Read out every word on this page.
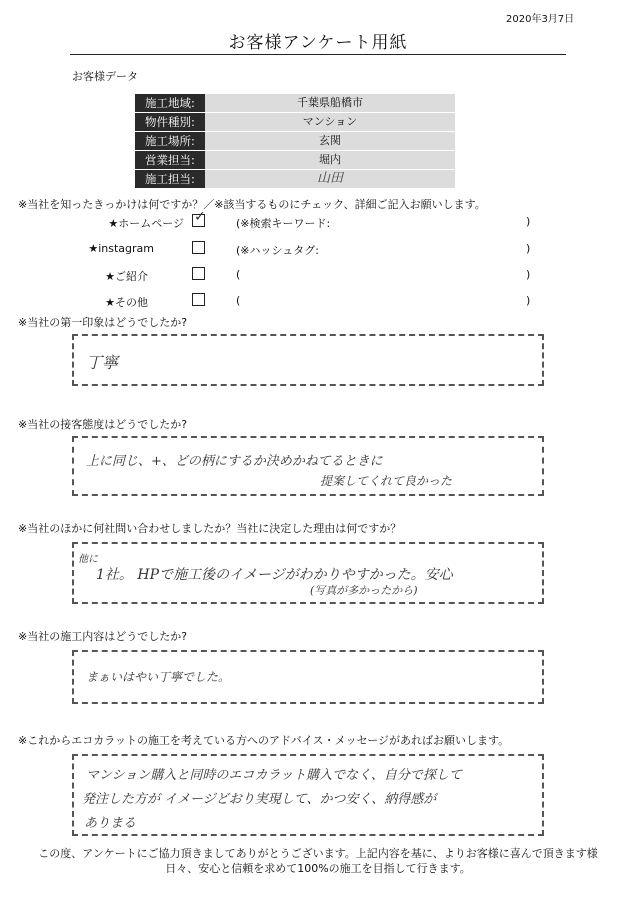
2020年3月7日
お客様アンケート用紙
お客様データ
施工地域:	千葉県船橋市
物件種別:	マンション
施工場所:	玄関
営業担当:	堀内
施工担当:	山田
※当社を知ったきっかけは何ですか？／※該当するものにチェック、詳細ご記入お願いします。
★ホームページ ✓	(※検索キーワード:	)
★instagram	(※ハッシュタグ:	)
★ご紹介	(	)
★その他	(	)
※当社の第一印象はどうでしたか?
丁寧
※当社の接客態度はどうでしたか?
上に同じ、+、どの柄にするか決めかねてるときに
提案してくれて良かった
※当社のほかに何社問い合わせしましたか？当社に決定した理由は何ですか？
他に
1社。 HPで施工後のイメージがわかりやすかった。安心
(写真が多かったから)
※当社の施工内容はどうでしたか?
まぁいはやい丁寧でした。
※これからエコカラットの施工を考えている方へのアドバイス・メッセージがあればお願いします。
マンション購入と同時のエコカラット購入でなく、自分で探して
発注した方が イメージどおり実現して、かつ安く、納得感が
ありまる
この度、アンケートにご協力頂きましてありがとうございます。上記内容を基に、よりお客様に喜んで頂きます様
日々、安心と信頼を求めて100%の施工を目指して行きます。
